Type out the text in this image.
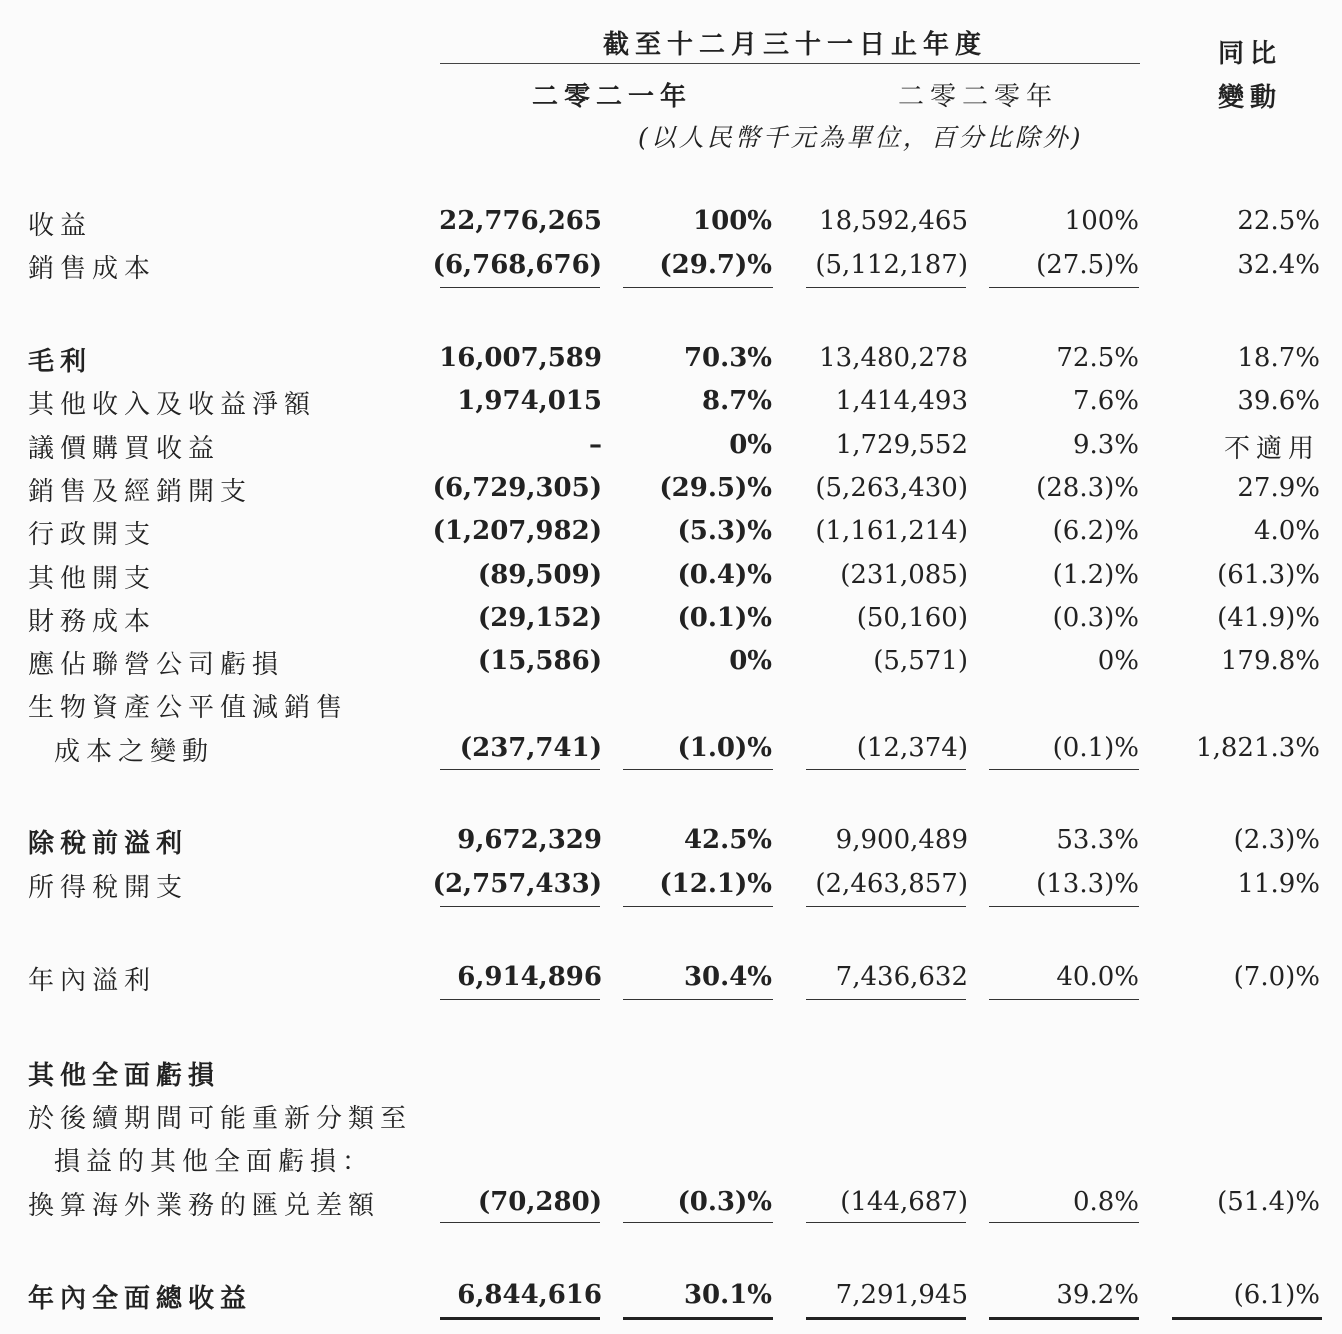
截至十二月三十一日止年度	同比
變動
二零二一年	二零二零年
(以人民幣千元為單位，百分比除外)
收益	22,776,265	100% 18,592,465	100%	22.5%
銷售成本	(6,768,676) (29.7)% (5,112,187)	(27.5)%	32.4%
毛利	16,007,589	70.3% 13,480,278	72.5%	18.7%
其他收入及收益淨額	1,974,015	8.7% 1,414,493	7.6%	39.6%
議價購買收益	–	0% 1,729,552	9.3%	不適用
銷售及經銷開支	(6,729,305) (29.5)% (5,263,430)	(28.3)%	27.9%
行政開支	(1,207,982)	(5.3)% (1,161,214)	(6.2)%	4.0%
其他開支	(89,509)	(0.4)%	(231,085)	(1.2)%	(61.3)%
財務成本	(29,152)	(0.1)%	(50,160)	(0.3)%	(41.9)%
應佔聯營公司虧損	(15,586)	0%	(5,571)	0%	179.8%
生物資產公平值減銷售
成本之變動	(237,741)	(1.0)%	(12,374)	(0.1)% 1,821.3%
除稅前溢利	9,672,329	42.5% 9,900,489	53.3%	(2.3)%
所得稅開支	(2,757,433) (12.1)% (2,463,857)	(13.3)%	11.9%
年內溢利	6,914,896	30.4% 7,436,632	40.0%	(7.0)%
其他全面虧損
於後續期間可能重新分類至
損益的其他全面虧損：
換算海外業務的匯兑差額	(70,280)	(0.3)%	(144,687)	0.8%	(51.4)%
年內全面總收益	6,844,616	30.1% 7,291,945	39.2%	(6.1)%
